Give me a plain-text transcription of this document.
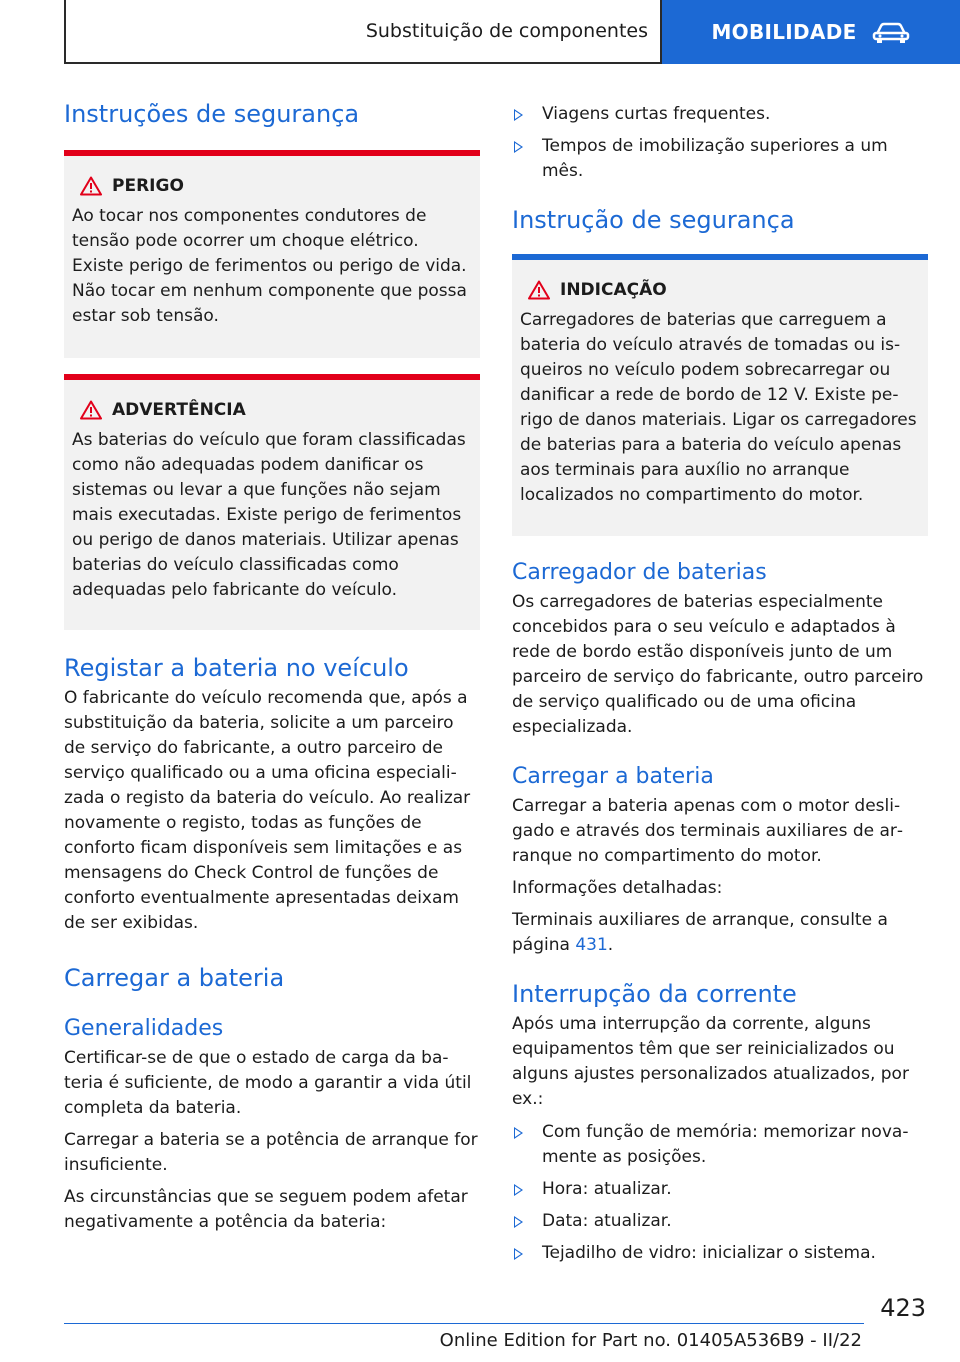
Substituição de componentes	MOBILIDADE
Instruções de segurança
PERIGO

Ao tocar nos componentes condutores de tensão pode ocorrer um choque elétrico. Existe perigo de ferimentos ou perigo de vida. Não tocar em nenhum componente que possa estar sob tensão.

ADVERTÊNCIA

As baterias do veículo que foram classificadas como não adequadas podem danificar os sistemas ou levar a que funções não sejam mais executadas. Existe perigo de ferimentos ou perigo de danos materiais. Utilizar apenas baterias do veículo classificadas como adequadas pelo fabricante do veículo.

Registar a bateria no veículo

O fabricante do veículo recomenda que, após a substituição da bateria, solicite a um parceiro de serviço do fabricante, a outro parceiro de serviço qualificado ou a uma oficina especializada o registo da bateria do veículo. Ao realizar novamente o registo, todas as funções de conforto ficam disponíveis sem limitações e as mensagens do Check Control de funções de conforto eventualmente apresentadas deixam de ser exibidas.

Carregar a bateria
Generalidades

Certificar-se de que o estado de carga da bateria é suficiente, de modo a garantir a vida útil completa da bateria.

Carregar a bateria se a potência de arranque for insuficiente.

As circunstâncias que se seguem podem afetar negativamente a potência da bateria:

Viagens curtas frequentes.
Tempos de imobilização superiores a um mês.
Instrução de segurança
INDICAÇÃO

Carregadores de baterias que carreguem a bateria do veículo através de tomadas ou isqueiros no veículo podem sobrecarregar ou danificar a rede de bordo de 12 V. Existe perigo de danos materiais. Ligar os carregadores de baterias para a bateria do veículo apenas aos terminais para auxílio no arranque localizados no compartimento do motor.

Carregador de baterias

Os carregadores de baterias especialmente concebidos para o seu veículo e adaptados à rede de bordo estão disponíveis junto de um parceiro de serviço do fabricante, outro parceiro de serviço qualificado ou de uma oficina especializada.

Carregar a bateria

Carregar a bateria apenas com o motor desligado e através dos terminais auxiliares de arranque no compartimento do motor.

Informações detalhadas:

Terminais auxiliares de arranque, consulte a página 431.

Interrupção da corrente

Após uma interrupção da corrente, alguns equipamentos têm que ser reinicializados ou alguns ajustes personalizados atualizados, por ex.:

Com função de memória: memorizar novamente as posições.
Hora: atualizar.
Data: atualizar.
Tejadilho de vidro: inicializar o sistema.
423
Online Edition for Part no. 01405A536B9 - II/22
